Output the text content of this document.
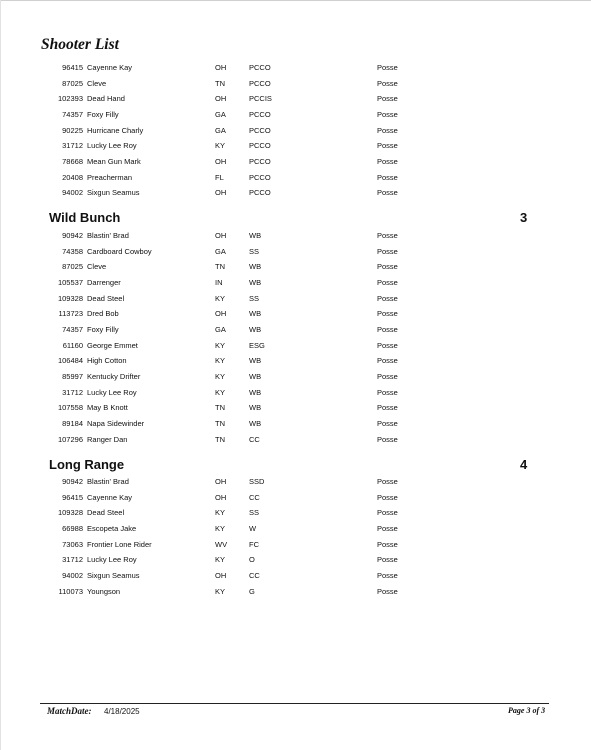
Shooter List
96415 Cayenne Kay	OH	PCCO	Posse
87025 Cleve	TN	PCCO	Posse
102393 Dead Hand	OH	PCCIS	Posse
74357 Foxy Filly	GA	PCCO	Posse
90225 Hurricane Charly	GA	PCCO	Posse
31712 Lucky Lee Roy	KY	PCCO	Posse
78668 Mean Gun Mark	OH	PCCO	Posse
20408 Preacherman	FL	PCCO	Posse
94002 Sixgun Seamus	OH	PCCO	Posse
Wild Bunch	3
90942 Blastin' Brad	OH	WB	Posse
74358 Cardboard Cowboy	GA	SS	Posse
87025 Cleve	TN	WB	Posse
105537 Darrenger	IN	WB	Posse
109328 Dead Steel	KY	SS	Posse
113723 Dred Bob	OH	WB	Posse
74357 Foxy Filly	GA	WB	Posse
61160 George Emmet	KY	ESG	Posse
106484 High Cotton	KY	WB	Posse
85997 Kentucky Drifter	KY	WB	Posse
31712 Lucky Lee Roy	KY	WB	Posse
107558 May B Knott	TN	WB	Posse
89184 Napa Sidewinder	TN	WB	Posse
107296 Ranger Dan	TN	CC	Posse
Long Range	4
90942 Blastin' Brad	OH	SSD	Posse
96415 Cayenne Kay	OH	CC	Posse
109328 Dead Steel	KY	SS	Posse
66988 Escopeta Jake	KY	W	Posse
73063 Frontier Lone Rider	WV	FC	Posse
31712 Lucky Lee Roy	KY	O	Posse
94002 Sixgun Seamus	OH	CC	Posse
110073 Youngson	KY	G	Posse
MatchDate: 4/18/2025	Page 3 of 3
